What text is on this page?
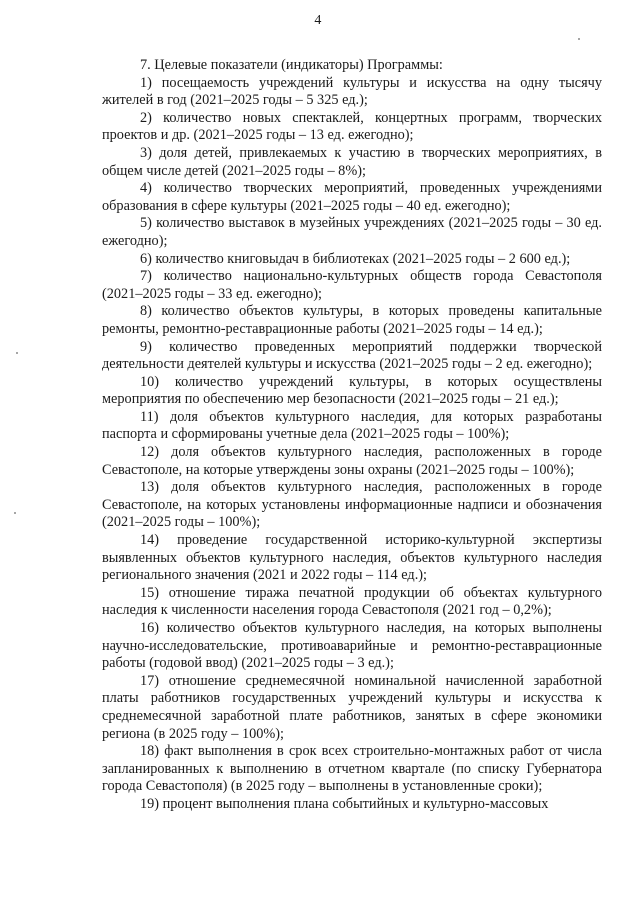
4

7. Целевые показатели (индикаторы) Программы:

1) посещаемость учреждений культуры и искусства на одну тысячу жителей в год (2021–2025 годы – 5 325 ед.);

2) количество новых спектаклей, концертных программ, творческих проектов и др. (2021–2025 годы – 13 ед. ежегодно);

3) доля детей, привлекаемых к участию в творческих мероприятиях, в общем числе детей (2021–2025 годы – 8%);

4) количество творческих мероприятий, проведенных учреждениями образования в сфере культуры (2021–2025 годы – 40 ед. ежегодно);

5) количество выставок в музейных учреждениях (2021–2025 годы – 30 ед. ежегодно);

6) количество книговыдач в библиотеках (2021–2025 годы – 2 600 ед.);

7) количество национально-культурных обществ города Севастополя (2021–2025 годы – 33 ед. ежегодно);

8) количество объектов культуры, в которых проведены капитальные ремонты, ремонтно-реставрационные работы (2021–2025 годы – 14 ед.);

9) количество проведенных мероприятий поддержки творческой деятельности деятелей культуры и искусства (2021–2025 годы – 2 ед. ежегодно);

10) количество учреждений культуры, в которых осуществлены мероприятия по обеспечению мер безопасности (2021–2025 годы – 21 ед.);

11) доля объектов культурного наследия, для которых разработаны паспорта и сформированы учетные дела (2021–2025 годы – 100%);

12) доля объектов культурного наследия, расположенных в городе Севастополе, на которые утверждены зоны охраны (2021–2025 годы – 100%);

13) доля объектов культурного наследия, расположенных в городе Севастополе, на которых установлены информационные надписи и обозначения (2021–2025 годы – 100%);

14) проведение государственной историко-культурной экспертизы выявленных объектов культурного наследия, объектов культурного наследия регионального значения (2021 и 2022 годы – 114 ед.);

15) отношение тиража печатной продукции об объектах культурного наследия к численности населения города Севастополя (2021 год – 0,2%);

16) количество объектов культурного наследия, на которых выполнены научно-исследовательские, противоаварийные и ремонтно-реставрационные работы (годовой ввод) (2021–2025 годы – 3 ед.);

17) отношение среднемесячной номинальной начисленной заработной платы работников государственных учреждений культуры и искусства к среднемесячной заработной плате работников, занятых в сфере экономики региона (в 2025 году – 100%);

18) факт выполнения в срок всех строительно-монтажных работ от числа запланированных к выполнению в отчетном квартале (по списку Губернатора города Севастополя) (в 2025 году – выполнены в установленные сроки);

19) процент выполнения плана событийных и культурно-массовых
